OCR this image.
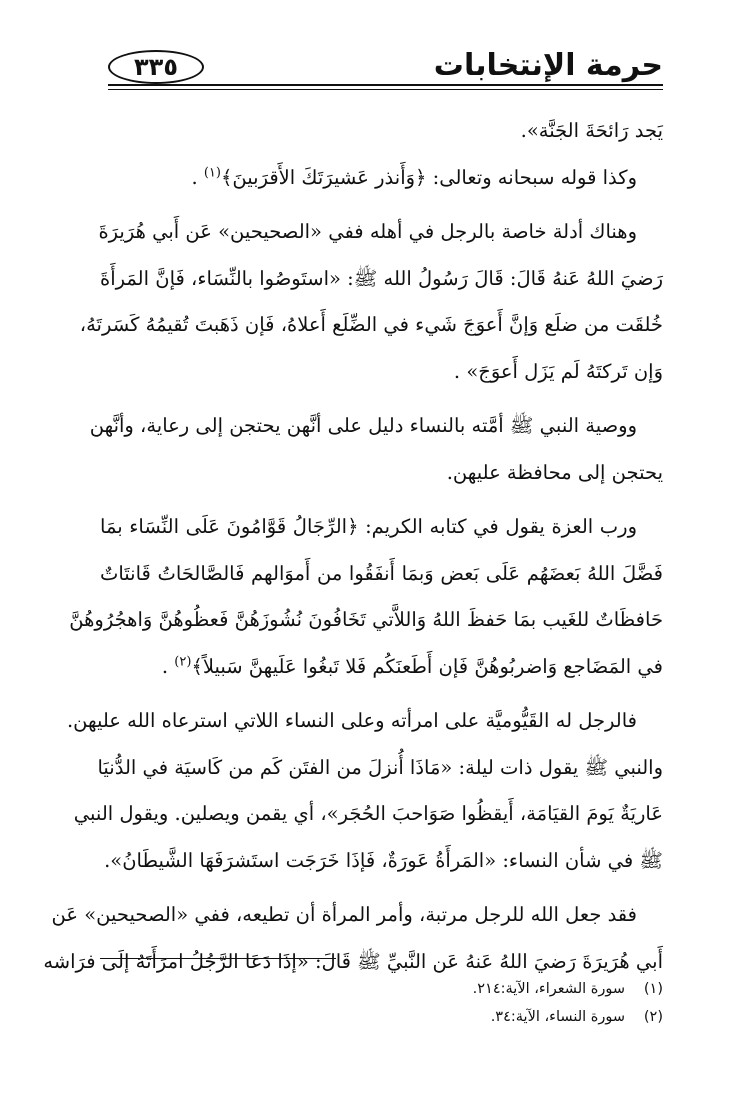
حرمة الإنتخابات
٣٣٥

يَجد رَائحَةَ الجَنَّة».

وكذا قوله سبحانه وتعالى: ﴿وَأَنذر عَشيرَتَكَ الأَقرَبينَ﴾$^{(١)}$ .

وهناك أدلة خاصة بالرجل في أهله ففي «الصحيحين» عَن أَبي هُرَيرَةَ
رَضيَ اللهُ عَنهُ قَالَ: قَالَ رَسُولُ الله ﷺ: «استَوصُوا بالنِّسَاء، فَإنَّ المَرأَةَ
خُلقَت من ضلَع وَإنَّ أَعوَجَ شَيء في الضِّلَع أَعلاهُ، فَإن ذَهَبتَ تُقيمُهُ كَسَرتَهُ،
وَإن تَركتَهُ لَم يَزَل أَعوَجَ» .

ووصية النبي ﷺ أمَّته بالنساء دليل على أنَّهن يحتجن إلى رعاية، وأنَّهن
يحتجن إلى محافظة عليهن.

ورب العزة يقول في كتابه الكريم: ﴿الرِّجَالُ قَوَّامُونَ عَلَى النِّسَاء بمَا
فَضَّلَ اللهُ بَعضَهُم عَلَى بَعض وَبمَا أَنفَقُوا من أَموَالهم فَالصَّالحَاتُ قَانتَاتٌ
حَافظَاتٌ للغَيب بمَا حَفظَ اللهُ وَاللاَّتي تَخَافُونَ نُشُوزَهُنَّ فَعظُوهُنَّ وَاهجُرُوهُنَّ
في المَضَاجع وَاضربُوهُنَّ فَإن أَطَعنَكُم فَلا تَبغُوا عَلَيهنَّ سَبيلاً﴾$^{(٢)}$ .

فالرجل له القَيُّوميَّة على امرأته وعلى النساء اللاتي استرعاه الله عليهن.
والنبي ﷺ يقول ذات ليلة: «مَاذَا أُنزلَ من الفتَن كَم من كَاسيَة في الدُّنيَا
عَاريَةٌ يَومَ القيَامَة، أَيقظُوا صَوَاحبَ الحُجَر»، أي يقمن ويصلين. ويقول النبي
ﷺ في شأن النساء: «المَرأَةُ عَورَةٌ، فَإذَا خَرَجَت استَشرَفَهَا الشَّيطَانُ».

فقد جعل الله للرجل مرتبة، وأمر المرأة أن تطيعه، ففي «الصحيحين» عَن
أَبي هُرَيرَةَ رَضيَ اللهُ عَنهُ عَن النَّبيِّ ﷺ قَالَ: «إذَا دَعَا الرَّجُلُ امرَأَتَهُ إلَى فرَاشه

(١)سورة الشعراء، الآية:٢١٤.
(٢)سورة النساء، الآية:٣٤.
